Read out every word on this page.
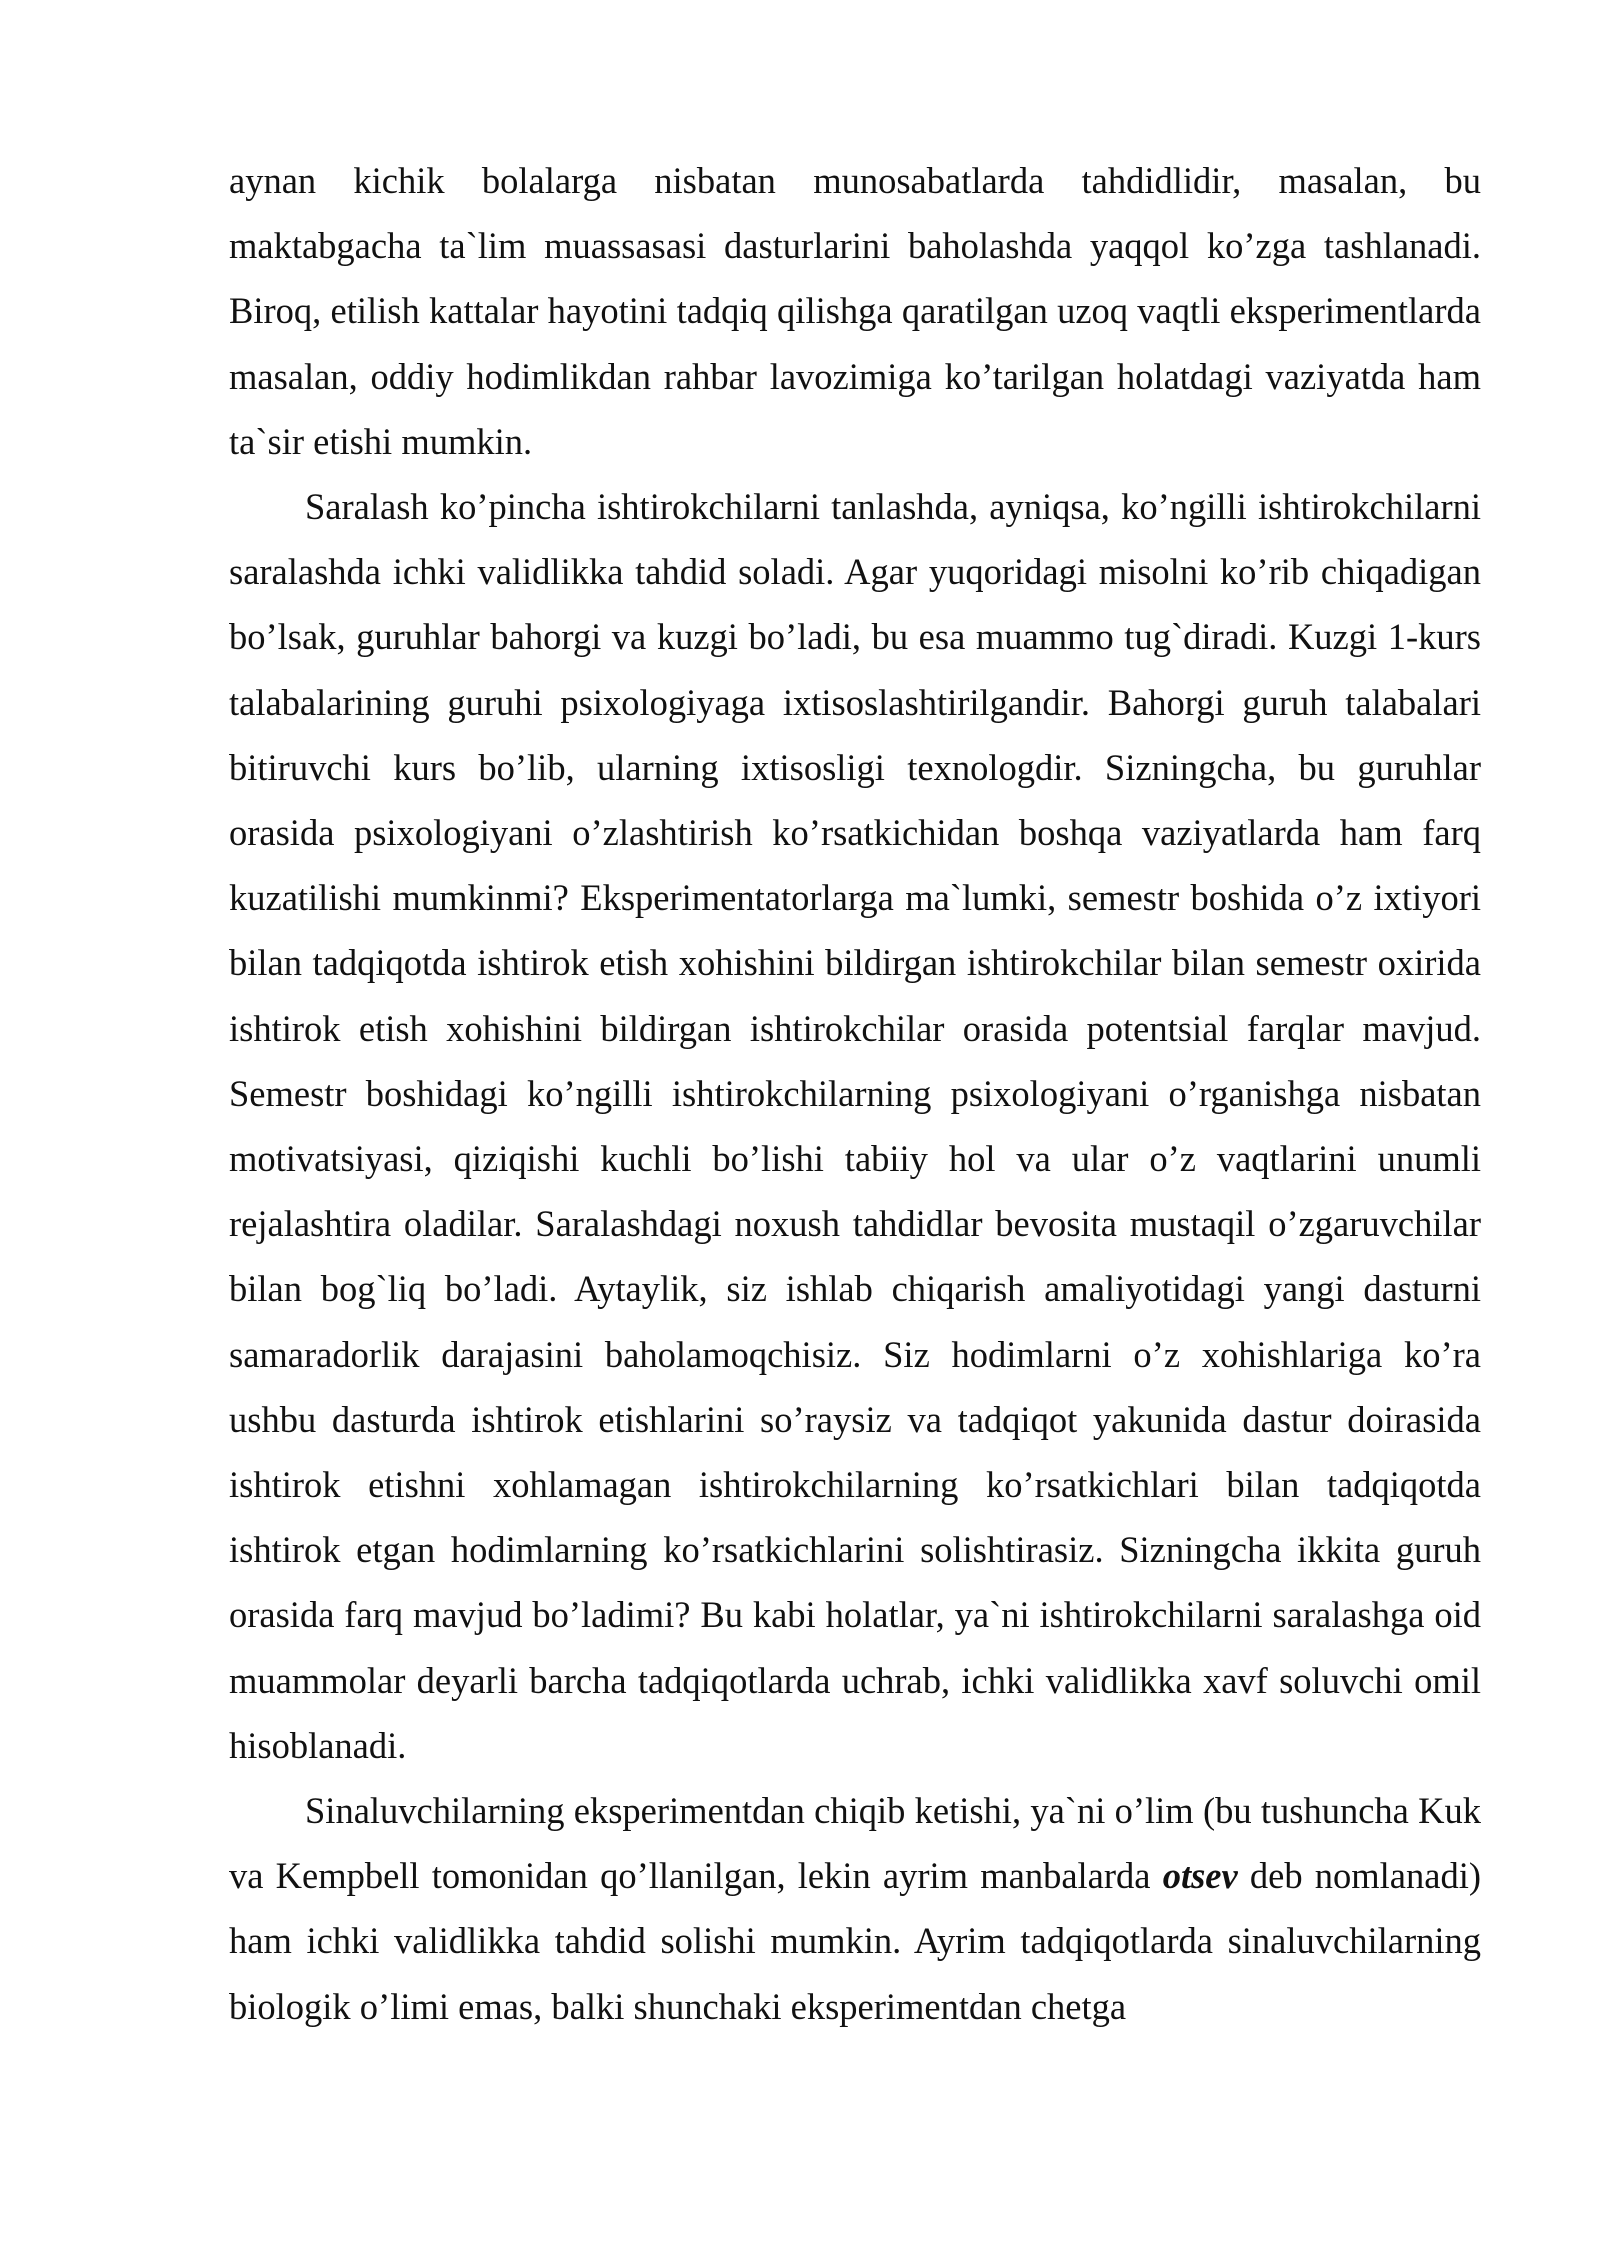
aynan kichik bolalarga nisbatan munosabatlarda tahdidlidir, masalan, bu maktabgacha ta`lim muassasasi dasturlarini baholashda yaqqol ko’zga tashlanadi. Biroq, etilish kattalar hayotini tadqiq qilishga qaratilgan uzoq vaqtli eksperimentlarda masalan, oddiy hodimlikdan rahbar lavozimiga ko’tarilgan holatdagi vaziyatda ham ta`sir etishi mumkin.

Saralash ko’pincha ishtirokchilarni tanlashda, ayniqsa, ko’ngilli ishtirokchilarni saralashda ichki validlikka tahdid soladi. Agar yuqoridagi misolni ko’rib chiqadigan bo’lsak, guruhlar bahorgi va kuzgi bo’ladi, bu esa muammo tug`diradi. Kuzgi 1-kurs talabalarining guruhi psixologiyaga ixtisoslashtirilgandir. Bahorgi guruh talabalari bitiruvchi kurs bo’lib, ularning ixtisosligi texnologdir. Sizningcha, bu guruhlar orasida psixologiyani o’zlashtirish ko’rsatkichidan boshqa vaziyatlarda ham farq kuzatilishi mumkinmi? Eksperimentatorlarga ma`lumki, semestr boshida o’z ixtiyori bilan tadqiqotda ishtirok etish xohishini bildirgan ishtirokchilar bilan semestr oxirida ishtirok etish xohishini bildirgan ishtirokchilar orasida potentsial farqlar mavjud. Semestr boshidagi ko’ngilli ishtirokchilarning psixologiyani o’rganishga nisbatan motivatsiyasi, qiziqishi kuchli bo’lishi tabiiy hol va ular o’z vaqtlarini unumli rejalashtira oladilar. Saralashdagi noxush tahdidlar bevosita mustaqil o’zgaruvchilar bilan bog`liq bo’ladi. Aytaylik, siz ishlab chiqarish amaliyotidagi yangi dasturni samaradorlik darajasini baholamoqchisiz. Siz hodimlarni o’z xohishlariga ko’ra ushbu dasturda ishtirok etishlarini so’raysiz va tadqiqot yakunida dastur doirasida ishtirok etishni xohlamagan ishtirokchilarning ko’rsatkichlari bilan tadqiqotda ishtirok etgan hodimlarning ko’rsatkichlarini solishtirasiz. Sizningcha ikkita guruh orasida farq mavjud bo’ladimi? Bu kabi holatlar, ya`ni ishtirokchilarni saralashga oid muammolar deyarli barcha tadqiqotlarda uchrab, ichki validlikka xavf soluvchi omil hisoblanadi.

Sinaluvchilarning eksperimentdan chiqib ketishi, ya`ni o’lim (bu tushuncha Kuk va Kempbell tomonidan qo’llanilgan, lekin ayrim manbalarda otsev deb nomlanadi) ham ichki validlikka tahdid solishi mumkin. Ayrim tadqiqotlarda sinaluvchilarning biologik o’limi emas, balki shunchaki eksperimentdan chetga
